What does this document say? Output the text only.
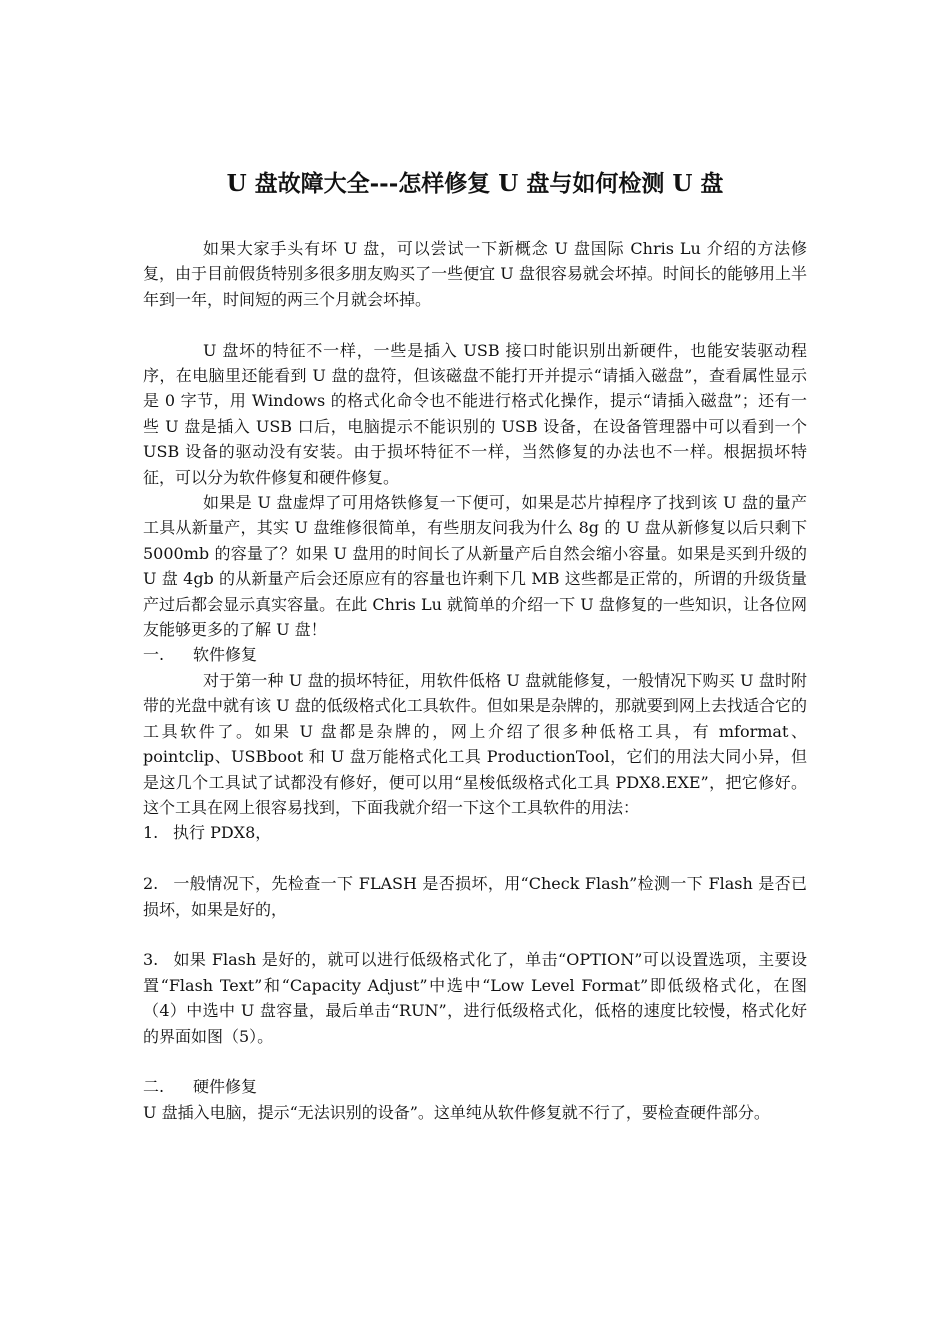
U 盘故障大全---怎样修复 U 盘与如何检测 U 盘

如果大家手头有坏 U 盘，可以尝试一下新概念 U 盘国际 Chris Lu 介绍的方法修复，由于目前假货特别多很多朋友购买了一些便宜 U 盘很容易就会坏掉。时间长的能够用上半年到一年，时间短的两三个月就会坏掉。

U 盘坏的特征不一样，一些是插入 USB 接口时能识别出新硬件，也能安装驱动程序，在电脑里还能看到 U 盘的盘符，但该磁盘不能打开并提示“请插入磁盘”，查看属性显示是 0 字节，用 Windows 的格式化命令也不能进行格式化操作，提示“请插入磁盘”；还有一些 U 盘是插入 USB 口后，电脑提示不能识别的 USB 设备，在设备管理器中可以看到一个 USB 设备的驱动没有安装。由于损坏特征不一样，当然修复的办法也不一样。根据损坏特征，可以分为软件修复和硬件修复。

如果是 U 盘虚焊了可用烙铁修复一下便可，如果是芯片掉程序了找到该 U 盘的量产工具从新量产，其实 U 盘维修很简单，有些朋友问我为什么 8g 的 U 盘从新修复以后只剩下 5000mb 的容量了？如果 U 盘用的时间长了从新量产后自然会缩小容量。如果是买到升级的 U 盘 4gb 的从新量产后会还原应有的容量也许剩下几 MB 这些都是正常的，所谓的升级货量产过后都会显示真实容量。在此 Chris Lu 就简单的介绍一下 U 盘修复的一些知识，让各位网友能够更多的了解 U 盘！

一. 软件修复

对于第一种 U 盘的损坏特征，用软件低格 U 盘就能修复，一般情况下购买 U 盘时附带的光盘中就有该 U 盘的低级格式化工具软件。但如果是杂牌的，那就要到网上去找适合它的工具软件了。如果 U 盘都是杂牌的，网上介绍了很多种低格工具，有 mformat、pointclip、USBboot 和 U 盘万能格式化工具 ProductionTool，它们的用法大同小异，但是这几个工具试了试都没有修好，便可以用“星梭低级格式化工具 PDX8.EXE”，把它修好。这个工具在网上很容易找到，下面我就介绍一下这个工具软件的用法：

1. 执行 PDX8，

2. 一般情况下，先检查一下 FLASH 是否损坏，用“Check Flash”检测一下 Flash 是否已损坏，如果是好的，

3. 如果 Flash 是好的，就可以进行低级格式化了，单击“OPTION”可以设置选项，主要设置“Flash Text”和“Capacity Adjust”中选中“Low Level Format”即低级格式化，在图（4）中选中 U 盘容量，最后单击“RUN”，进行低级格式化，低格的速度比较慢，格式化好的界面如图（5）。

二. 硬件修复

U 盘插入电脑，提示“无法识别的设备”。这单纯从软件修复就不行了，要检查硬件部分。
